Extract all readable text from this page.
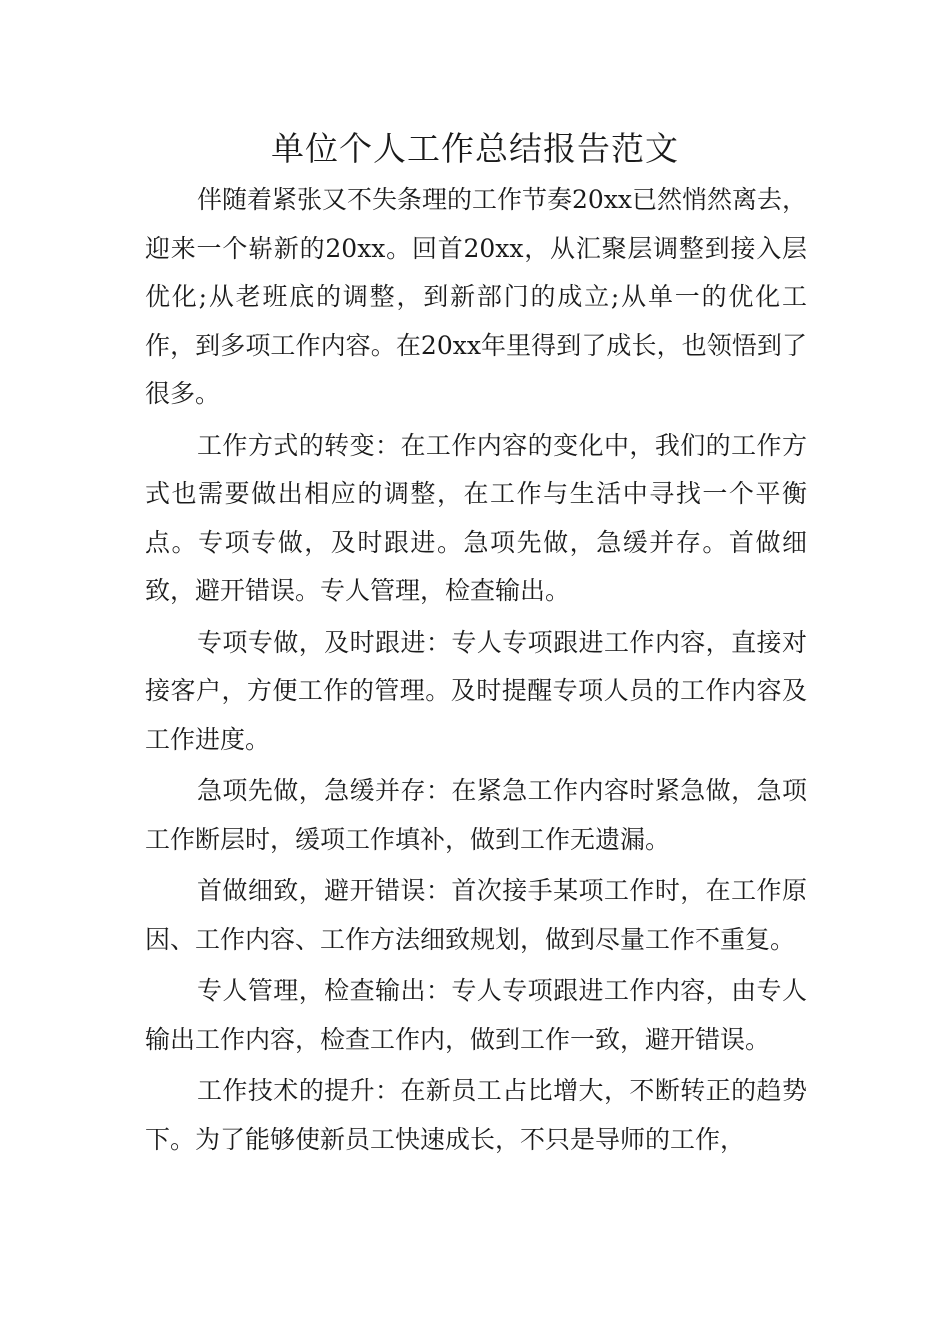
单位个人工作总结报告范文

伴随着紧张又不失条理的工作节奏20xx已然悄然离去，迎来一个崭新的20xx。回首20xx，从汇聚层调整到接入层优化;从老班底的调整，到新部门的成立;从单一的优化工作，到多项工作内容。在20xx年里得到了成长，也领悟到了很多。

工作方式的转变：在工作内容的变化中，我们的工作方式也需要做出相应的调整，在工作与生活中寻找一个平衡点。专项专做，及时跟进。急项先做，急缓并存。首做细致，避开错误。专人管理，检查输出。

专项专做，及时跟进：专人专项跟进工作内容，直接对接客户，方便工作的管理。及时提醒专项人员的工作内容及工作进度。

急项先做，急缓并存：在紧急工作内容时紧急做，急项工作断层时，缓项工作填补，做到工作无遗漏。

首做细致，避开错误：首次接手某项工作时，在工作原因、工作内容、工作方法细致规划，做到尽量工作不重复。

专人管理，检查输出：专人专项跟进工作内容，由专人输出工作内容，检查工作内，做到工作一致，避开错误。

工作技术的提升：在新员工占比增大，不断转正的趋势下。为了能够使新员工快速成长，不只是导师的工作，
